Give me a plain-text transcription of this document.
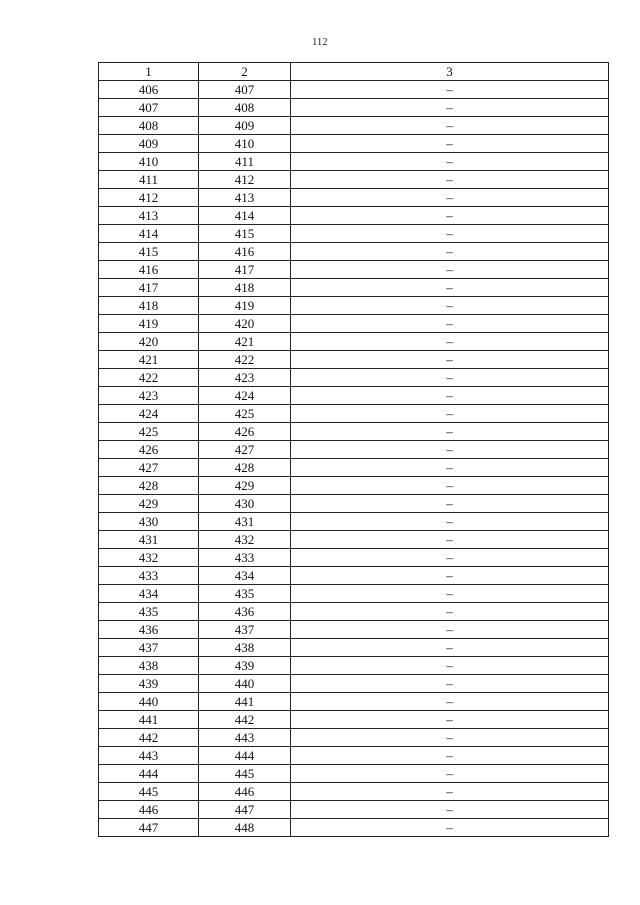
112
1	2	3
406	407	–
407	408	–
408	409	–
409	410	–
410	411	–
411	412	–
412	413	–
413	414	–
414	415	–
415	416	–
416	417	–
417	418	–
418	419	–
419	420	–
420	421	–
421	422	–
422	423	–
423	424	–
424	425	–
425	426	–
426	427	–
427	428	–
428	429	–
429	430	–
430	431	–
431	432	–
432	433	–
433	434	–
434	435	–
435	436	–
436	437	–
437	438	–
438	439	–
439	440	–
440	441	–
441	442	–
442	443	–
443	444	–
444	445	–
445	446	–
446	447	–
447	448	–
